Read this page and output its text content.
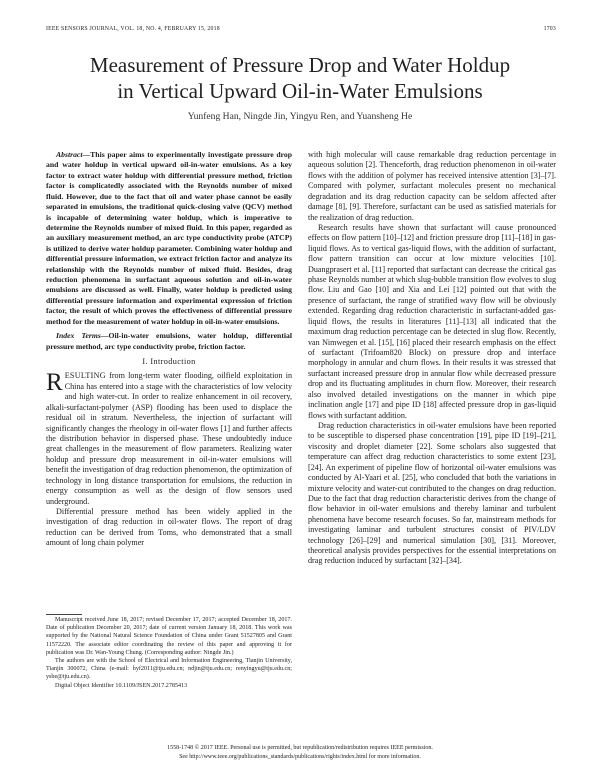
IEEE SENSORS JOURNAL, VOL. 18, NO. 4, FEBRUARY 15, 2018	1703
Measurement of Pressure Drop and Water Holdup
in Vertical Upward Oil-in-Water Emulsions
Yunfeng Han, Ningde Jin, Yingyu Ren, and Yuansheng He

Abstract—This paper aims to experimentally investigate pressure drop and water holdup in vertical upward oil-in-water emulsions. As a key factor to extract water holdup with differential pressure method, friction factor is complicatedly associated with the Reynolds number of mixed fluid. However, due to the fact that oil and water phase cannot be easily separated in emulsions, the traditional quick-closing valve (QCV) method is incapable of determining water holdup, which is imperative to determine the Reynolds number of mixed fluid. In this paper, regarded as an auxiliary measurement method, an arc type conductivity probe (ATCP) is utilized to derive water holdup parameter. Combining water holdup and differential pressure information, we extract friction factor and analyze its relationship with the Reynolds number of mixed fluid. Besides, drag reduction phenomena in surfactant aqueous solution and oil-in-water emulsions are discussed as well. Finally, water holdup is predicted using differential pressure information and experimental expression of friction factor, the result of which proves the effectiveness of differential pressure method for the measurement of water holdup in oil-in-water emulsions.

Index Terms—Oil-in-water emulsions, water holdup, differential pressure method, arc type conductivity probe, friction factor.

I. Introduction

RESULTING from long-term water flooding, oilfield exploitation in China has entered into a stage with the characteristics of low velocity and high water-cut. In order to realize enhancement in oil recovery, alkali-surfactant-polymer (ASP) flooding has been used to displace the residual oil in stratum. Nevertheless, the injection of surfactant will significantly changes the rheology in oil-water flows [1] and further affects the distribution behavior in dispersed phase. These undoubtedly induce great challenges in the measurement of flow parameters. Realizing water holdup and pressure drop measurement in oil-in-water emulsions will benefit the investigation of drag reduction phenomenon, the optimization of technology in long distance transportation for emulsions, the reduction in energy consumption as well as the design of flow sensors used underground.

Differential pressure method has been widely applied in the investigation of drag reduction in oil-water flows. The report of drag reduction can be derived from Toms, who demonstrated that a small amount of long chain polymer

with high molecular will cause remarkable drag reduction percentage in aqueous solution [2]. Thenceforth, drag reduction phenomenon in oil-water flows with the addition of polymer has received intensive attention [3]–[7]. Compared with polymer, surfactant molecules present no mechanical degradation and its drag reduction capacity can be seldom affected after damage [8], [9]. Therefore, surfactant can be used as satisfied materials for the realization of drag reduction.

Research results have shown that surfactant will cause pronounced effects on flow pattern [10]–[12] and friction pressure drop [11]–[18] in gas-liquid flows. As to vertical gas-liquid flows, with the addition of surfactant, flow pattern transition can occur at low mixture velocities [10]. Duangprasert et al. [11] reported that surfactant can decrease the critical gas phase Reynolds number at which slug-bubble transition flow evolves to slug flow. Liu and Gao [10] and Xia and Lei [12] pointed out that with the presence of surfactant, the range of stratified wavy flow will be obviously extended. Regarding drag reduction characteristic in surfactant-added gas-liquid flows, the results in literatures [11]–[13] all indicated that the maximum drag reduction percentage can be detected in slug flow. Recently, van Nimwegen et al. [15], [16] placed their research emphasis on the effect of surfactant (Trifoam820 Block) on pressure drop and interface morphology in annular and churn flows. In their results it was stressed that surfactant increased pressure drop in annular flow while decreased pressure drop and its fluctuating amplitudes in churn flow. Moreover, their research also involved detailed investigations on the manner in which pipe inclination angle [17] and pipe ID [18] affected pressure drop in gas-liquid flows with surfactant addition.

Drag reduction characteristics in oil-water emulsions have been reported to be susceptible to dispersed phase concentration [19], pipe ID [19]–[21], viscosity and droplet diameter [22]. Some scholars also suggested that temperature can affect drag reduction characteristics to some extent [23], [24]. An experiment of pipeline flow of horizontal oil-water emulsions was conducted by Al-Yaari et al. [25], who concluded that both the variations in mixture velocity and water-cut contributed to the changes on drag reduction. Due to the fact that drag reduction characteristic derives from the change of flow behavior in oil-water emulsions and thereby laminar and turbulent phenomena have become research focuses. So far, mainstream methods for investigating laminar and turbulent structures consist of PIV/LDV technology [26]–[29] and numerical simulation [30], [31]. Moreover, theoretical analysis provides perspectives for the essential interpretations on drag reduction induced by surfactant [32]–[34].

Manuscript received June 18, 2017; revised December 17, 2017; accepted December 18, 2017. Date of publication December 20, 2017; date of current version January 18, 2018. This work was supported by the National Natural Science Foundation of China under Grant 51527805 and Grant 11572220. The associate editor coordinating the review of this paper and approving it for publication was Dr. Wan-Young Chung. (Corresponding author: Ningde Jin.)

The authors are with the School of Electrical and Information Engineering, Tianjin University, Tianjin 300072, China (e-mail: hyf2011@tju.edu.cn; ndjin@tju.edu.cn; renyingyu@tju.edu.cn; ysbe@tju.edu.cn).

Digital Object Identifier 10.1109/JSEN.2017.2785413

1558-1748 © 2017 IEEE. Personal use is permitted, but republication/redistribution requires IEEE permission.
See http://www.ieee.org/publications_standards/publications/rights/index.html for more information.
